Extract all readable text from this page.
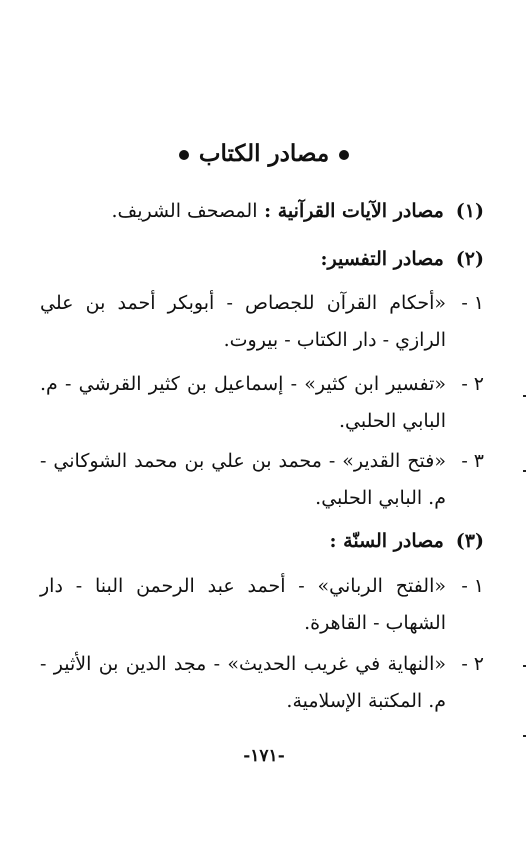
مصادر الكتاب
(١)مصادر الآيات القرآنية : المصحف الشريف.
(٢)مصادر التفسير:
١ -
«أحكام القرآن للجصاص - أبوبكر أحمد بن علي الرازي - دار الكتاب - بيروت.
٢ -
«تفسير ابن كثير» - إسماعيل بن كثير القرشي - م. البابي الحلبي.
٣ -
«فتح القدير» - محمد بن علي بن محمد الشوكاني - م. البابي الحلبي.
(٣)مصادر السنّة :
١ -
«الفتح الرباني» - أحمد عبد الرحمن البنا - دار الشهاب - القاهرة.
٢ -
«النهاية في غريب الحديث» - مجد الدين بن الأثير - م. المكتبة الإسلامية.
-١٧١-
